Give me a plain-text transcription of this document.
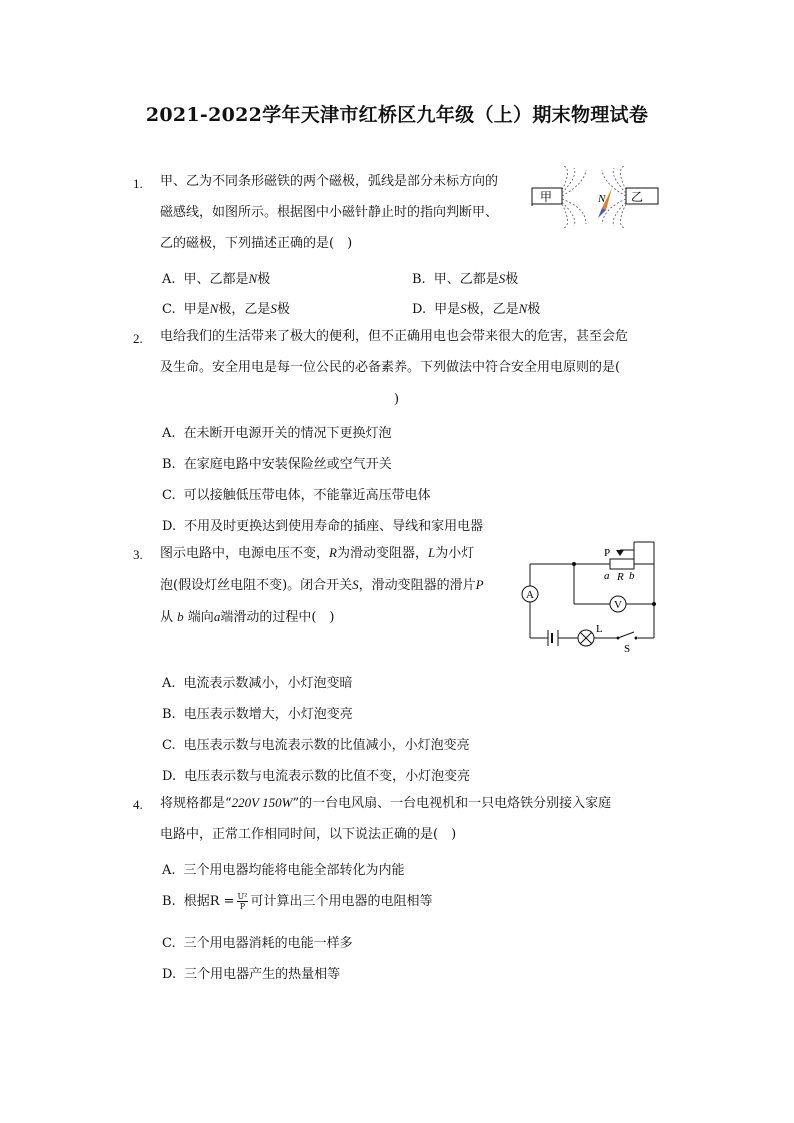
2021-2022学年天津市红桥区九年级（上）期末物理试卷
1. 甲、乙为不同条形磁铁的两个磁极，弧线是部分未标方向的
磁感线，如图所示。根据图中小磁针静止时的指向判断甲、
乙的磁极，下列描述正确的是(　)
A. 甲、乙都是N极	B. 甲、乙都是S极
C. 甲是N极，乙是S极	D. 甲是S极，乙是N极
甲	乙
N
2. 电给我们的生活带来了极大的便利，但不正确用电也会带来很大的危害，甚至会危
及生命。安全用电是每一位公民的必备素养。下列做法中符合安全用电原则的是(
)
A. 在未断开电源开关的情况下更换灯泡
B. 在家庭电路中安装保险丝或空气开关
C. 可以接触低压带电体，不能靠近高压带电体
D. 不用及时更换达到使用寿命的插座、导线和家用电器
3. 图示电路中，电源电压不变，R为滑动变阻器，L为小灯
泡(假设灯丝电阻不变)。闭合开关S，滑动变阻器的滑片P
从 b 端向a端滑动的过程中(　)
A
V
P
a R b
L
S
A. 电流表示数减小，小灯泡变暗
B. 电压表示数增大，小灯泡变亮
C. 电压表示数与电流表示数的比值减小，小灯泡变亮
D. 电压表示数与电流表示数的比值不变，小灯泡变亮
4. 将规格都是“220V 150W”的一台电风扇、一台电视机和一只电烙铁分别接入家庭
电路中，正常工作相同时间，以下说法正确的是(　)
A. 三个用电器均能将电能全部转化为内能
B. 根据$R = \frac{\text{U²}}{P}$ 可计算出三个用电器的电阻相等
C. 三个用电器消耗的电能一样多
D. 三个用电器产生的热量相等
